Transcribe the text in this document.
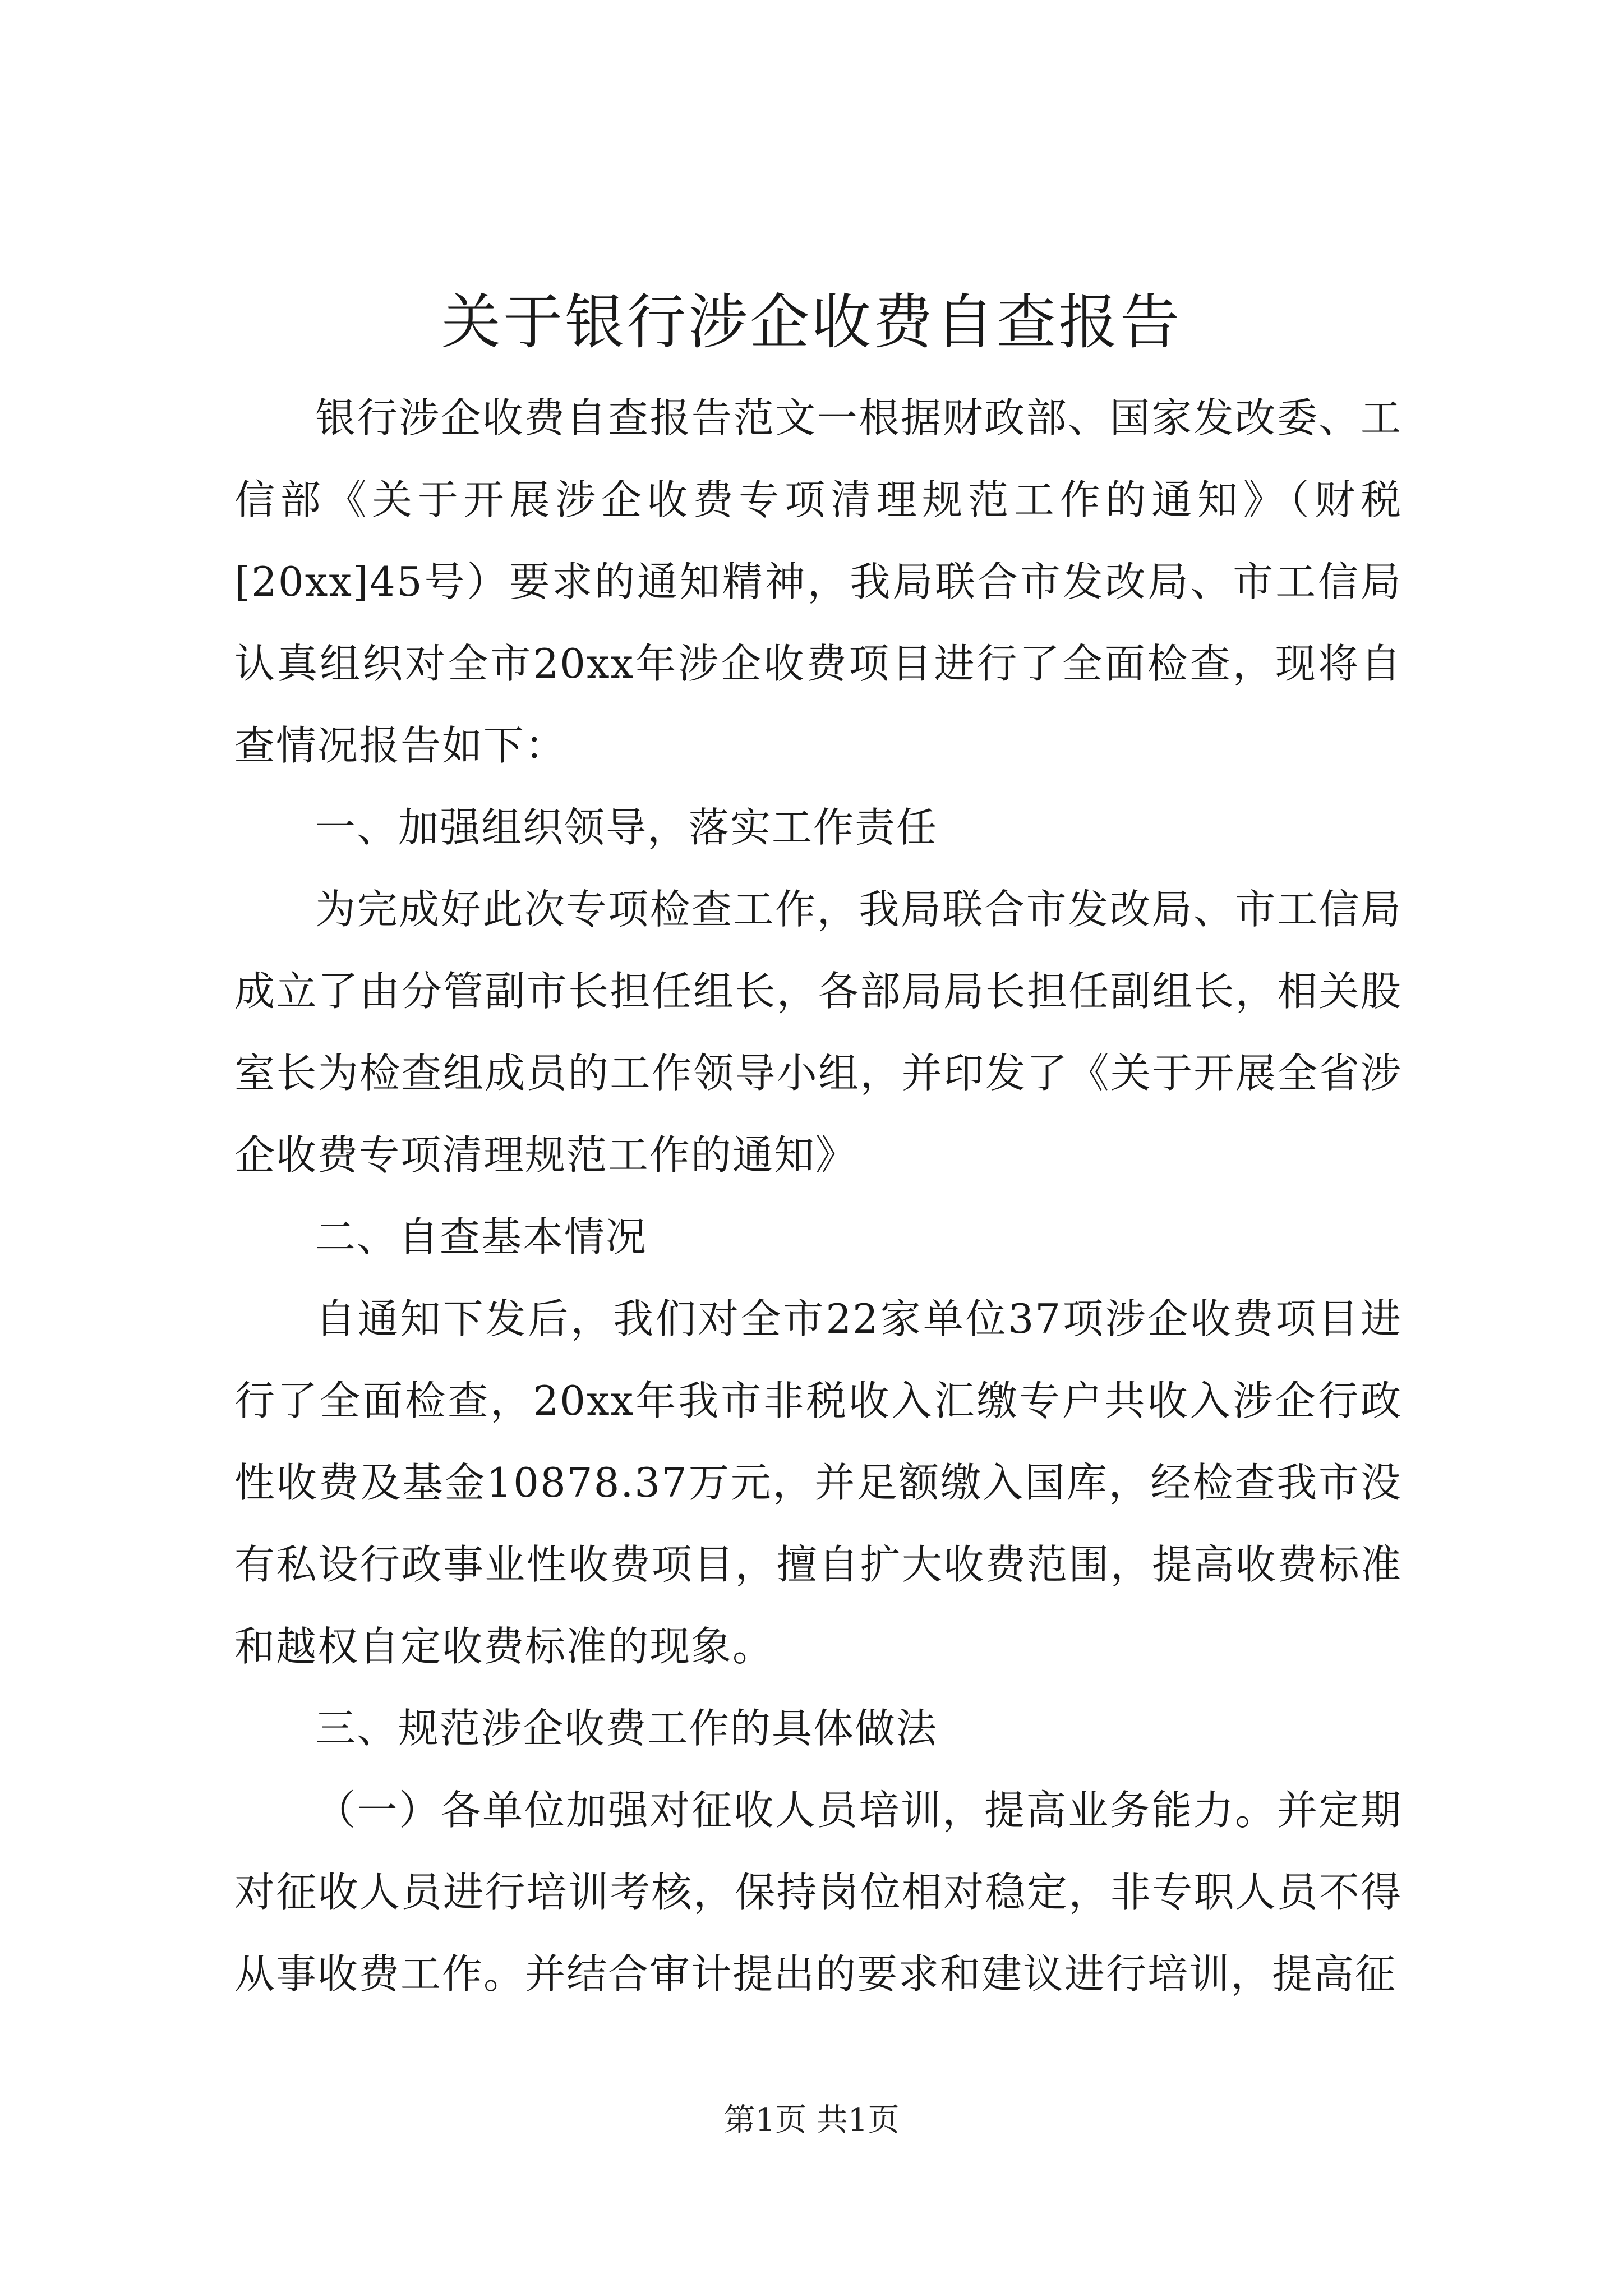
关于银行涉企收费自查报告

银行涉企收费自查报告范文一根据财政部、国家发改委、工信部《关于开展涉企收费专项清理规范工作的通知》（财税[20xx]45号）要求的通知精神，我局联合市发改局、市工信局认真组织对全市20xx年涉企收费项目进行了全面检查，现将自查情况报告如下：

一、加强组织领导，落实工作责任

为完成好此次专项检查工作，我局联合市发改局、市工信局成立了由分管副市长担任组长，各部局局长担任副组长，相关股室长为检查组成员的工作领导小组，并印发了《关于开展全省涉企收费专项清理规范工作的通知》

二、自查基本情况

自通知下发后，我们对全市22家单位37项涉企收费项目进行了全面检查，20xx年我市非税收入汇缴专户共收入涉企行政性收费及基金10878.37万元，并足额缴入国库，经检查我市没有私设行政事业性收费项目，擅自扩大收费范围，提高收费标准和越权自定收费标准的现象。

三、规范涉企收费工作的具体做法

（一）各单位加强对征收人员培训，提高业务能力。并定期对征收人员进行培训考核，保持岗位相对稳定，非专职人员不得从事收费工作。并结合审计提出的要求和建议进行培训，提高征

第1页 共1页
